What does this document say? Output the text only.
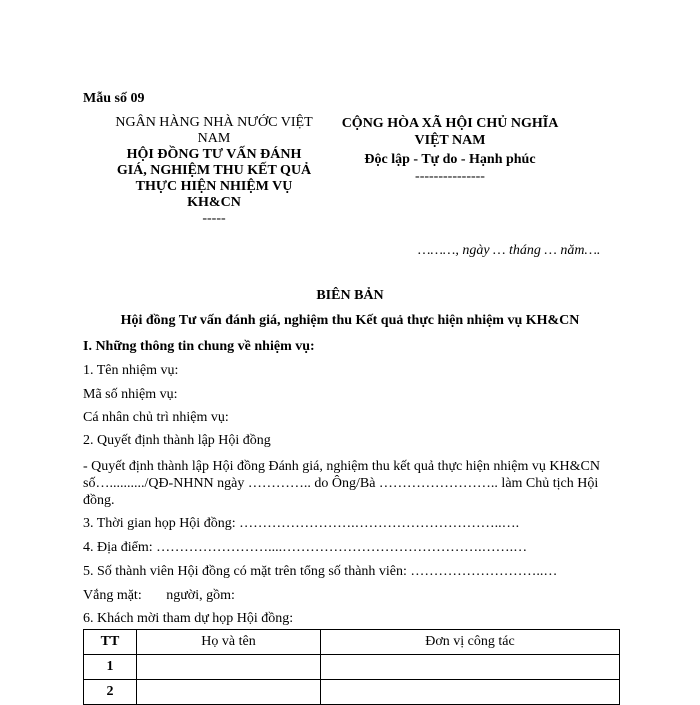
Mẫu số 09
NGÂN HÀNG NHÀ NƯỚC VIỆT NAM
HỘI ĐỒNG TƯ VẤN ĐÁNH GIÁ, NGHIỆM THU KẾT QUẢ THỰC HIỆN NHIỆM VỤ KH&CN
-----
CỘNG HÒA XÃ HỘI CHỦ NGHĨA VIỆT NAM
Độc lập - Tự do - Hạnh phúc
---------------
………, ngày … tháng … năm….
BIÊN BẢN
Hội đồng Tư vấn đánh giá, nghiệm thu Kết quả thực hiện nhiệm vụ KH&CN
I. Những thông tin chung về nhiệm vụ:
1. Tên nhiệm vụ:
Mã số nhiệm vụ:
Cá nhân chủ trì nhiệm vụ:
2. Quyết định thành lập Hội đồng
- Quyết định thành lập Hội đồng Đánh giá, nghiệm thu kết quả thực hiện nhiệm vụ KH&CN số…........../QĐ-NHNN ngày ………….. do Ông/Bà …………………….. làm Chủ tịch Hội đồng.
3. Thời gian họp Hội đồng: …………………….…………………………..….
4. Địa điểm: ……………………....…………………………………….…….…
5. Số thành viên Hội đồng có mặt trên tổng số thành viên: ………………………..…
Vắng mặt:       người, gồm:
6. Khách mời tham dự họp Hội đồng:
TT	Họ và tên	Đơn vị công tác
1		
2		
